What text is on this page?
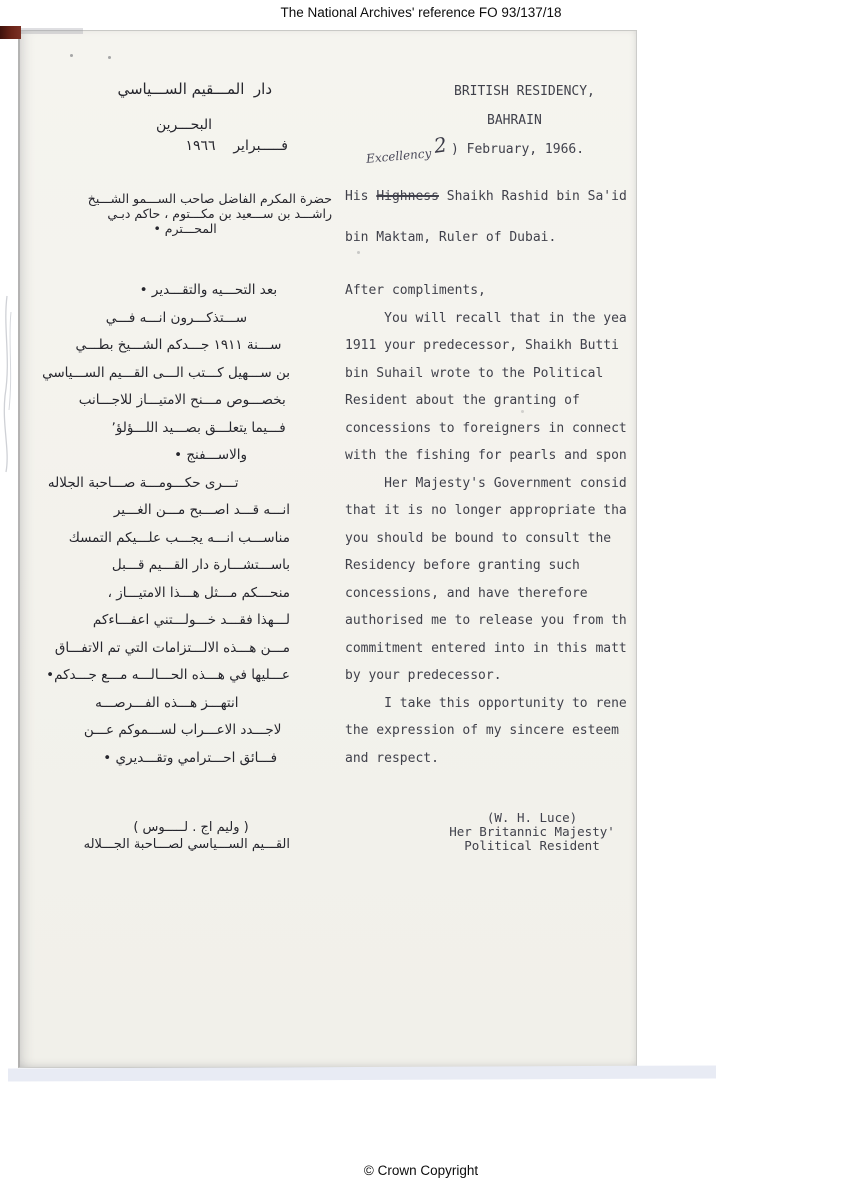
The National Archives' reference FO 93/137/18
دار  المـــقيم الســـياسي
البحـــرين
فـــــبراير    ١٩٦٦

حضرة المكرم الفاضل صاحب الســـمو الشـــيخ
راشـــد بن ســـعيد بن مكـــتوم ، حاكم دبـي
المحـــترم •

بعد التحـــيه والتقـــدير •
ســـتذكـــرون انـــه فـــي
ســـنة ١٩١١ جـــدكم الشـــيخ بطـــي
بن ســـهيل كـــتب الـــى القـــيم الســـياسي
بخصـــوص مـــنح الامتيـــاز للاجـــانب
فـــيما يتعلـــق بصـــيد اللـــؤلؤ٬
والاســـفنج •
تـــرى حكـــومـــة صـــاحبة الجلاله
انـــه قـــد اصـــبح مـــن الغـــير
مناســـب انـــه يجـــب علـــيكم التمسك
باســـتشـــارة دار القـــيم قـــبل
منحـــكم مـــثل هـــذا الامتيـــاز ،
لـــهذا فقـــد خـــولـــتني اعفـــاءكم
مـــن هـــذه الالـــتزامات التي تم الاتفـــاق
عـــليها في هـــذه الحـــالـــه مـــع جـــدكم•
انتهـــز هـــذه الفـــرصـــه
لاجـــدد الاعـــراب لســـموكم عـــن
فـــائق احـــترامي وتقـــديري •

( وليم اج . لـــــوس )
القـــيم الســـياسي لصـــاحبة الجـــلاله
BRITISH RESIDENCY,
BAHRAIN
2 ) February, 1966.
Excellency

His Highness Shaikh Rashid bin Sa'id

bin Maktam, Ruler of Dubai.

After compliments,
You will recall that in the yea
1911 your predecessor, Shaikh Butti
bin Suhail wrote to the Political
Resident about the granting of
concessions to foreigners in connect
with the fishing for pearls and spon
Her Majesty's Government consid
that it is no longer appropriate tha
you should be bound to consult the
Residency before granting such
concessions, and have therefore
authorised me to release you from th
commitment entered into in this matt
by your predecessor.
I take this opportunity to rene
the expression of my sincere esteem
and respect.

(W. H. Luce)
Her Britannic Majesty'
Political Resident
© Crown Copyright
